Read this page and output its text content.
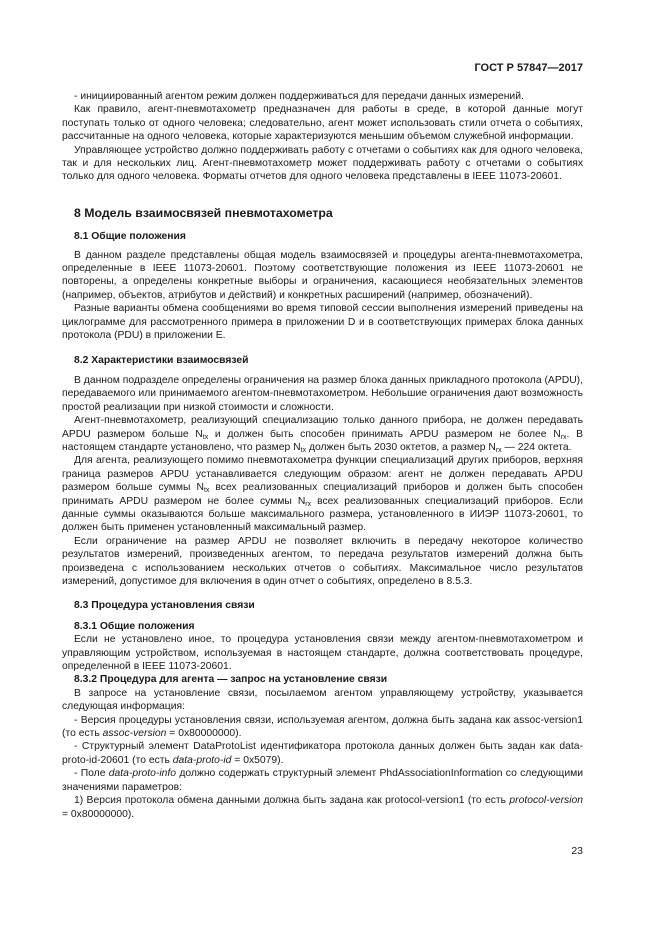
ГОСТ Р 57847—2017

- инициированный агентом режим должен поддерживаться для передачи данных измерений.

Как правило, агент-пневмотахометр предназначен для работы в среде, в которой данные могут поступать только от одного человека; следовательно, агент может использовать стили отчета о событиях, рассчитанные на одного человека, которые характеризуются меньшим объемом служебной информации.

Управляющее устройство должно поддерживать работу с отчетами о событиях как для одного человека, так и для нескольких лиц. Агент-пневмотахометр может поддерживать работу с отчетами о событиях только для одного человека. Форматы отчетов для одного человека представлены в IEEE 11073-20601.

8 Модель взаимосвязей пневмотахометра
8.1 Общие положения

В данном разделе представлены общая модель взаимосвязей и процедуры агента-пневмотахометра, определенные в IEEE 11073-20601. Поэтому соответствующие положения из IEEE 11073-20601 не повторены, а определены конкретные выборы и ограничения, касающиеся необязательных элементов (например, объектов, атрибутов и действий) и конкретных расширений (например, обозначений).

Разные варианты обмена сообщениями во время типовой сессии выполнения измерений приведены на циклограмме для рассмотренного примера в приложении D и в соответствующих примерах блока данных протокола (PDU) в приложении E.

8.2 Характеристики взаимосвязей

В данном подразделе определены ограничения на размер блока данных прикладного протокола (APDU), передаваемого или принимаемого агентом-пневмотахометром. Небольшие ограничения дают возможность простой реализации при низкой стоимости и сложности.

Агент-пневмотахометр, реализующий специализацию только данного прибора, не должен передавать APDU размером больше $N_{tx}$ и должен быть способен принимать APDU размером не более $N_{rx}$. В настоящем стандарте установлено, что размер $N_{tx}$ должен быть 2030 октетов, а размер $N_{rx}$ — 224 октета.

Для агента, реализующего помимо пневмотахометра функции специализаций других приборов, верхняя граница размеров APDU устанавливается следующим образом: агент не должен передавать APDU размером больше суммы $N_{tx}$ всех реализованных специализаций приборов и должен быть способен принимать APDU размером не более суммы $N_{rx}$ всех реализованных специализаций приборов. Если данные суммы оказываются больше максимального размера, установленного в ИИЭР 11073-20601, то должен быть применен установленный максимальный размер.

Если ограничение на размер APDU не позволяет включить в передачу некоторое количество результатов измерений, произведенных агентом, то передача результатов измерений должна быть произведена с использованием нескольких отчетов о событиях. Максимальное число результатов измерений, допустимое для включения в один отчет о событиях, определено в 8.5.3.

8.3 Процедура установления связи
8.3.1 Общие положения

Если не установлено иное, то процедура установления связи между агентом-пневмотахометром и управляющим устройством, используемая в настоящем стандарте, должна соответствовать процедуре, определенной в IEEE 11073-20601.

8.3.2 Процедура для агента — запрос на установление связи

В запросе на установление связи, посылаемом агентом управляющему устройству, указывается следующая информация:

- Версия процедуры установления связи, используемая агентом, должна быть задана как assoc-version1 (то есть assoc-version = 0x80000000).

- Структурный элемент DataProtoList идентификатора протокола данных должен быть задан как data-proto-id-20601 (то есть data-proto-id = 0x5079).

- Поле data-proto-info должно содержать структурный элемент PhdAssociationInformation со следующими значениями параметров:

1) Версия протокола обмена данными должна быть задана как protocol-version1 (то есть protocol-version = 0x80000000).

23
